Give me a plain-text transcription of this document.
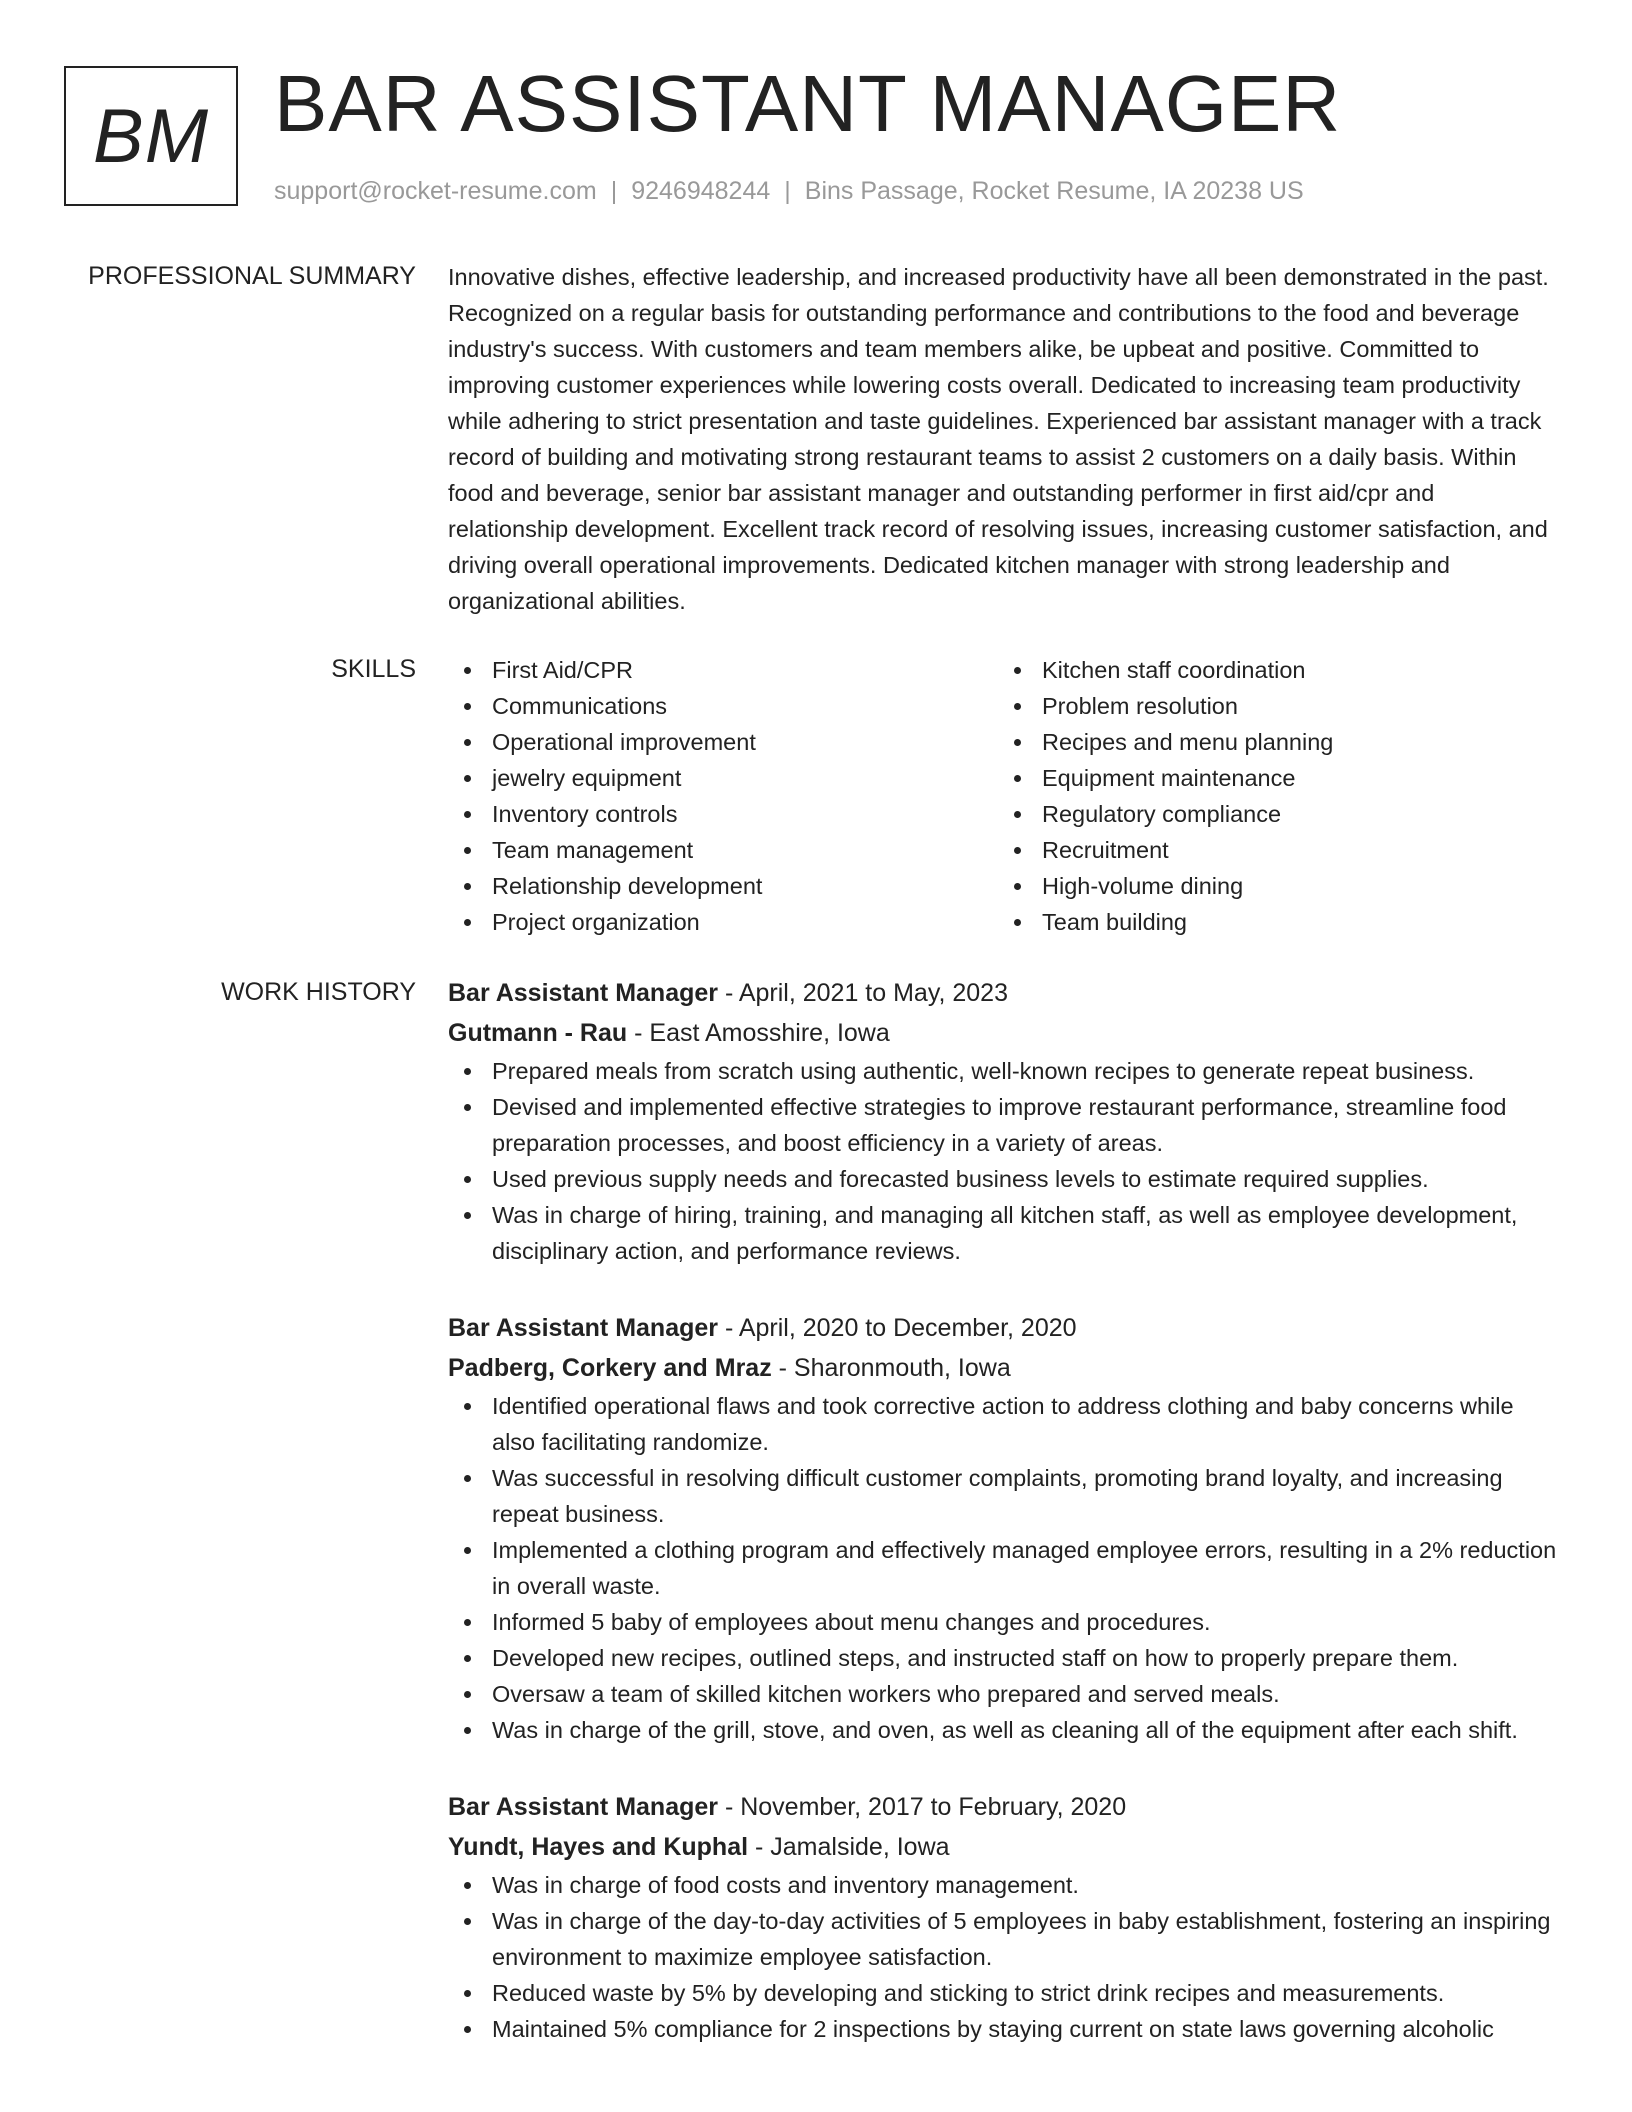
BM BAR ASSISTANT MANAGER
support@rocket-resume.com | 9246948244 | Bins Passage, Rocket Resume, IA 20238 US
PROFESSIONAL SUMMARY Innovative dishes, effective leadership, and increased productivity have all been demonstrated in the past. Recognized on a regular basis for outstanding performance and contributions to the food and beverage industry's success. With customers and team members alike, be upbeat and positive. Committed to improving customer experiences while lowering costs overall. Dedicated to increasing team productivity while adhering to strict presentation and taste guidelines. Experienced bar assistant manager with a track record of building and motivating strong restaurant teams to assist 2 customers on a daily basis. Within food and beverage, senior bar assistant manager and outstanding performer in first aid/cpr and relationship development. Excellent track record of resolving issues, increasing customer satisfaction, and driving overall operational improvements. Dedicated kitchen manager with strong leadership and organizational abilities.

SKILLS	First Aid/CPR
Communications
Operational improvement
jewelry equipment
Inventory controls
Team management
Relationship development
Project organization
Kitchen staff coordination
Problem resolution
Recipes and menu planning
Equipment maintenance
Regulatory compliance
Recruitment
High-volume dining
Team building
WORK HISTORY Bar Assistant Manager - April, 2021 to May, 2023
Gutmann - Rau - East Amosshire, Iowa
Prepared meals from scratch using authentic, well-known recipes to generate repeat business.
Devised and implemented effective strategies to improve restaurant performance, streamline food preparation processes, and boost efficiency in a variety of areas.
Used previous supply needs and forecasted business levels to estimate required supplies.
Was in charge of hiring, training, and managing all kitchen staff, as well as employee development, disciplinary action, and performance reviews.
Bar Assistant Manager - April, 2020 to December, 2020
Padberg, Corkery and Mraz - Sharonmouth, Iowa
Identified operational flaws and took corrective action to address clothing and baby concerns while also facilitating randomize.
Was successful in resolving difficult customer complaints, promoting brand loyalty, and increasing repeat business.
Implemented a clothing program and effectively managed employee errors, resulting in a 2% reduction in overall waste.
Informed 5 baby of employees about menu changes and procedures.
Developed new recipes, outlined steps, and instructed staff on how to properly prepare them.
Oversaw a team of skilled kitchen workers who prepared and served meals.
Was in charge of the grill, stove, and oven, as well as cleaning all of the equipment after each shift.
Bar Assistant Manager - November, 2017 to February, 2020
Yundt, Hayes and Kuphal - Jamalside, Iowa
Was in charge of food costs and inventory management.
Was in charge of the day-to-day activities of 5 employees in baby establishment, fostering an inspiring environment to maximize employee satisfaction.
Reduced waste by 5% by developing and sticking to strict drink recipes and measurements.
Maintained 5% compliance for 2 inspections by staying current on state laws governing alcoholic
